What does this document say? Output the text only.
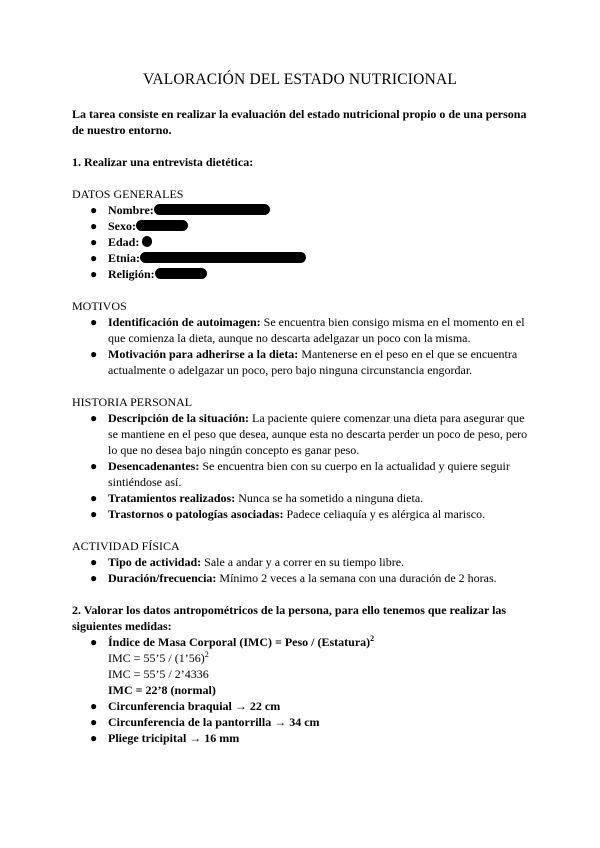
VALORACIÓN DEL ESTADO NUTRICIONAL

La tarea consiste en realizar la evaluación del estado nutricional propio o de una persona de nuestro entorno.

1. Realizar una entrevista dietética:

DATOS GENERALES

● Nombre:
● Sexo:
● Edad:
● Etnia:
● Religión:

MOTIVOS

● Identificación de autoimagen: Se encuentra bien consigo misma en el momento en el que comienza la dieta, aunque no descarta adelgazar un poco con la misma.
● Motivación para adherirse a la dieta: Mantenerse en el peso en el que se encuentra actualmente o adelgazar un poco, pero bajo ninguna circunstancia engordar.

HISTORIA PERSONAL

● Descripción de la situación: La paciente quiere comenzar una dieta para asegurar que se mantiene en el peso que desea, aunque esta no descarta perder un poco de peso, pero lo que no desea bajo ningún concepto es ganar peso.
● Desencadenantes: Se encuentra bien con su cuerpo en la actualidad y quiere seguir sintiéndose así.
● Tratamientos realizados: Nunca se ha sometido a ninguna dieta.
● Trastornos o patologías asociadas: Padece celiaquía y es alérgica al marisco.

ACTIVIDAD FÍSICA

● Tipo de actividad: Sale a andar y a correr en su tiempo libre.
● Duración/frecuencia: Mínimo 2 veces a la semana con una duración de 2 horas.

2. Valorar los datos antropométricos de la persona, para ello tenemos que realizar las siguientes medidas:

● Índice de Masa Corporal (IMC) = Peso / (Estatura)$^2$
IMC = 55’5 / (1’56)$^2$
IMC = 55’5 / 2’4336
IMC = 22’8 (normal)
● Circunferencia braquial → 22 cm
● Circunferencia de la pantorrilla → 34 cm
● Pliege tricipital → 16 mm
